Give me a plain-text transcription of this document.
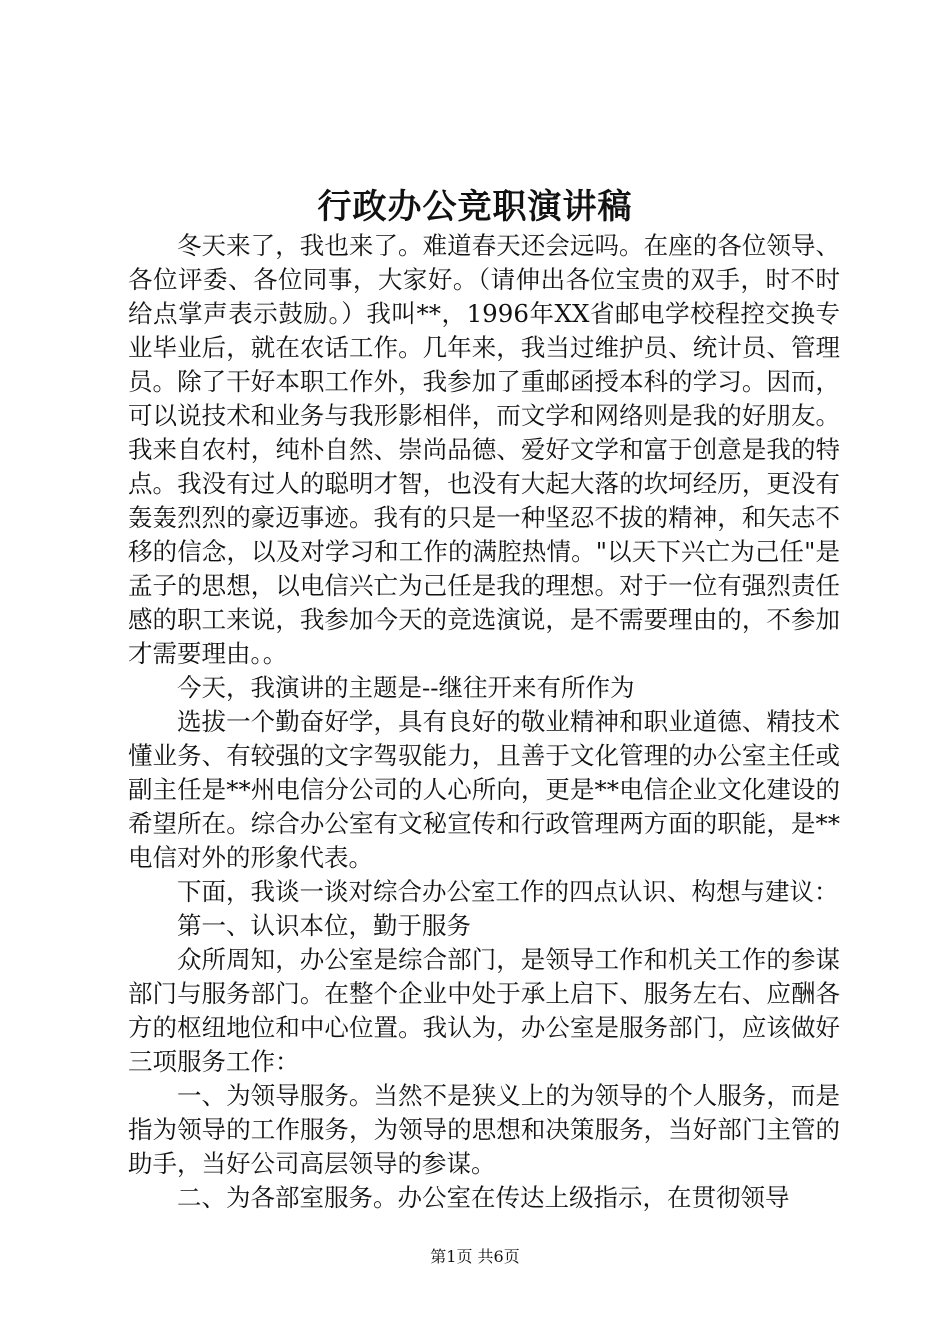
行政办公竞职演讲稿

冬天来了，我也来了。难道春天还会远吗。在座的各位领导、各位评委、各位同事，大家好。（请伸出各位宝贵的双手，时不时给点掌声表示鼓励。）我叫**，1996年XX省邮电学校程控交换专业毕业后，就在农话工作。几年来，我当过维护员、统计员、管理员。除了干好本职工作外，我参加了重邮函授本科的学习。因而，可以说技术和业务与我形影相伴，而文学和网络则是我的好朋友。我来自农村，纯朴自然、崇尚品德、爱好文学和富于创意是我的特点。我没有过人的聪明才智，也没有大起大落的坎坷经历，更没有轰轰烈烈的豪迈事迹。我有的只是一种坚忍不拔的精神，和矢志不移的信念，以及对学习和工作的满腔热情。"以天下兴亡为己任"是孟子的思想，以电信兴亡为己任是我的理想。对于一位有强烈责任感的职工来说，我参加今天的竞选演说，是不需要理由的，不参加才需要理由。。

今天，我演讲的主题是--继往开来有所作为

选拔一个勤奋好学，具有良好的敬业精神和职业道德、精技术懂业务、有较强的文字驾驭能力，且善于文化管理的办公室主任或副主任是**州电信分公司的人心所向，更是**电信企业文化建设的希望所在。综合办公室有文秘宣传和行政管理两方面的职能，是**电信对外的形象代表。

下面，我谈一谈对综合办公室工作的四点认识、构想与建议：

第一、认识本位，勤于服务

众所周知，办公室是综合部门，是领导工作和机关工作的参谋部门与服务部门。在整个企业中处于承上启下、服务左右、应酬各方的枢纽地位和中心位置。我认为，办公室是服务部门，应该做好三项服务工作：

一、为领导服务。当然不是狭义上的为领导的个人服务，而是指为领导的工作服务，为领导的思想和决策服务，当好部门主管的助手，当好公司高层领导的参谋。

二、为各部室服务。办公室在传达上级指示，在贯彻领导

第1页 共6页
